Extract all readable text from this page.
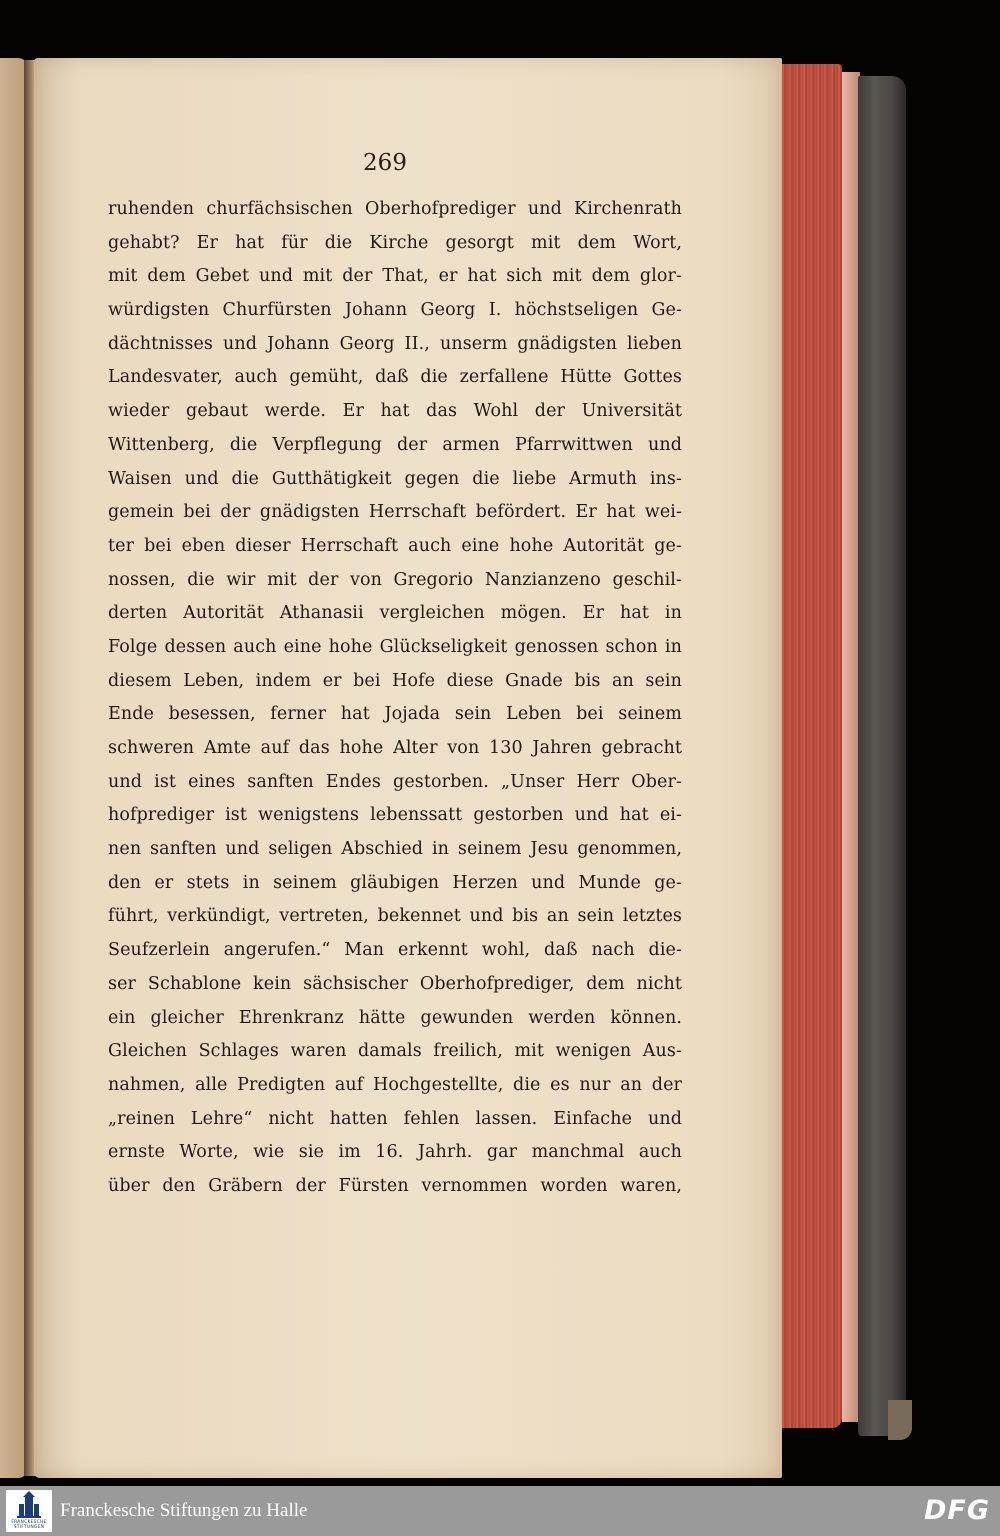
269
ruhenden churfächsischen Oberhofprediger und Kirchenrath
gehabt? Er hat für die Kirche gesorgt mit dem Wort,
mit dem Gebet und mit der That, er hat sich mit dem glor-
würdigsten Churfürsten Johann Georg I. höchstseligen Ge-
dächtnisses und Johann Georg II., unserm gnädigsten lieben
Landesvater, auch gemüht, daß die zerfallene Hütte Gottes
wieder gebaut werde. Er hat das Wohl der Universität
Wittenberg, die Verpflegung der armen Pfarrwittwen und
Waisen und die Gutthätigkeit gegen die liebe Armuth ins-
gemein bei der gnädigsten Herrschaft befördert. Er hat wei-
ter bei eben dieser Herrschaft auch eine hohe Autorität ge-
nossen, die wir mit der von Gregorio Nanzianzeno geschil-
derten Autorität Athanasii vergleichen mögen. Er hat in
Folge dessen auch eine hohe Glückseligkeit genossen schon in
diesem Leben, indem er bei Hofe diese Gnade bis an sein
Ende besessen, ferner hat Jojada sein Leben bei seinem
schweren Amte auf das hohe Alter von 130 Jahren gebracht
und ist eines sanften Endes gestorben. „Unser Herr Ober-
hofprediger ist wenigstens lebenssatt gestorben und hat ei-
nen sanften und seligen Abschied in seinem Jesu genommen,
den er stets in seinem gläubigen Herzen und Munde ge-
führt, verkündigt, vertreten, bekennet und bis an sein letztes
Seufzerlein angerufen.“ Man erkennt wohl, daß nach die-
ser Schablone kein sächsischer Oberhofprediger, dem nicht
ein gleicher Ehrenkranz hätte gewunden werden können.
Gleichen Schlages waren damals freilich, mit wenigen Aus-
nahmen, alle Predigten auf Hochgestellte, die es nur an der
„reinen Lehre“ nicht hatten fehlen lassen. Einfache und
ernste Worte, wie sie im 16. Jahrh. gar manchmal auch
über den Gräbern der Fürsten vernommen worden waren,
FRANCKESCHE STIFTUNGEN
Franckesche Stiftungen zu Halle	DFG
